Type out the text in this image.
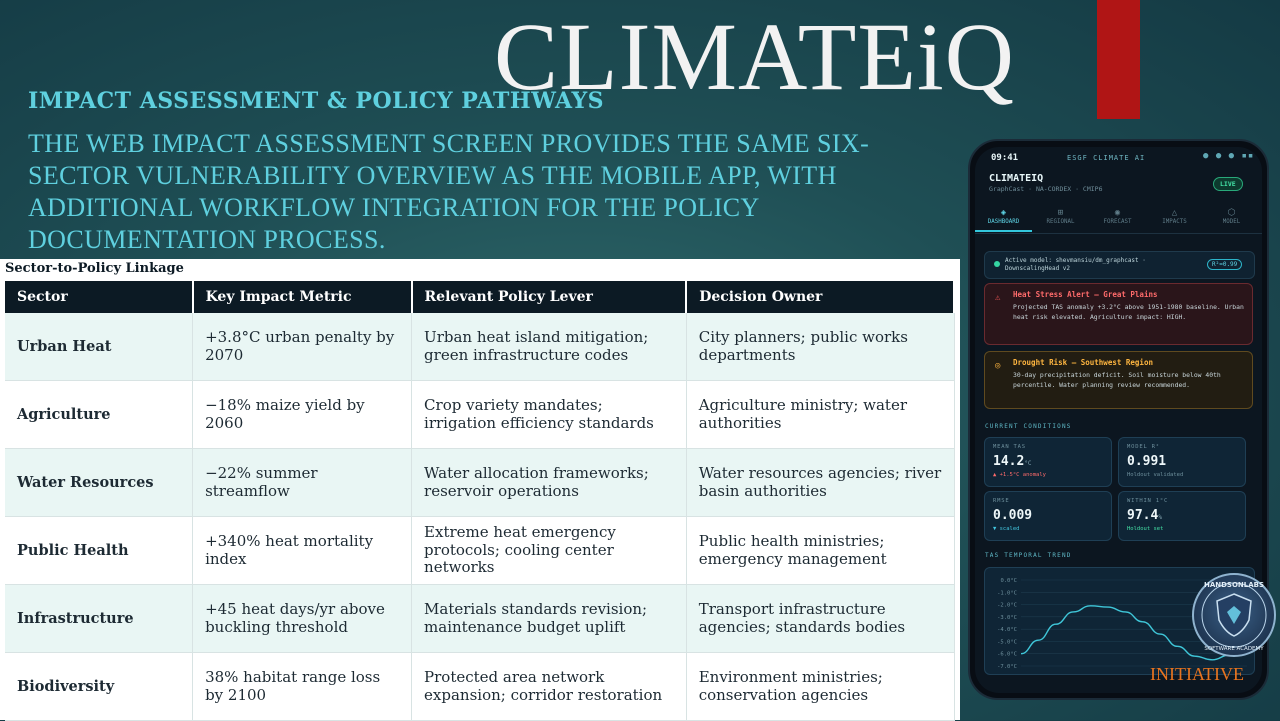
CLIMATEiQ
IMPACT ASSESSMENT & POLICY PATHWAYS
THE WEB IMPACT ASSESSMENT SCREEN PROVIDES THE SAME SIX-SECTOR VULNERABILITY OVERVIEW AS THE MOBILE APP, WITH ADDITIONAL WORKFLOW INTEGRATION FOR THE POLICY DOCUMENTATION PROCESS.
Sector-to-Policy Linkage
Sector	Key Impact Metric	Relevant Policy Lever	Decision Owner
Urban Heat	+3.8°C urban penalty by 2070	Urban heat island mitigation; green infrastructure codes	City planners; public works departments
Agriculture	−18% maize yield by 2060	Crop variety mandates; irrigation efficiency standards	Agriculture ministry; water authorities
Water Resources	−22% summer streamflow	Water allocation frameworks; reservoir operations	Water resources agencies; river basin authorities
Public Health	+340% heat mortality index	Extreme heat emergency protocols; cooling center networks	Public health ministries; emergency management
Infrastructure	+45 heat days/yr above buckling threshold	Materials standards revision; maintenance budget uplift	Transport infrastructure agencies; standards bodies
Biodiversity	38% habitat range loss by 2100	Protected area network expansion; corridor restoration	Environment ministries; conservation agencies
09:41	ESGF CLIMATE AI	● ● ● ▪▪
CLIMATEIQ
GraphCast · NA-CORDEX · CMIP6
LIVE
◈
DASHBOARD
⊞
REGIONAL
◉
FORECAST
△
IMPACTS
⬡
MODEL
Active model: shevmansiu/dm_graphcast · DownscalingHead v2
R²=0.99
⚠ Heat Stress Alert — Great Plains
Projected TAS anomaly +3.2°C above 1951-1980 baseline. Urban heat risk elevated. Agriculture impact: HIGH.
◎ Drought Risk — Southwest Region
30-day precipitation deficit. Soil moisture below 40th percentile. Water planning review recommended.
CURRENT CONDITIONS
MEAN TAS
14.2°C
▲ +1.5°C anomaly
MODEL R²
0.991
Holdout validated
RMSE
0.009
▼ scaled
WITHIN 1°C
97.4%
Holdout set
TAS TEMPORAL TREND
0.0°C
-1.0°C
-2.0°C
-3.0°C
-4.0°C
-5.0°C
-6.0°C
-7.0°C
HANDSONLABS
SOFTWARE ACADEMY
INITIATIVE
